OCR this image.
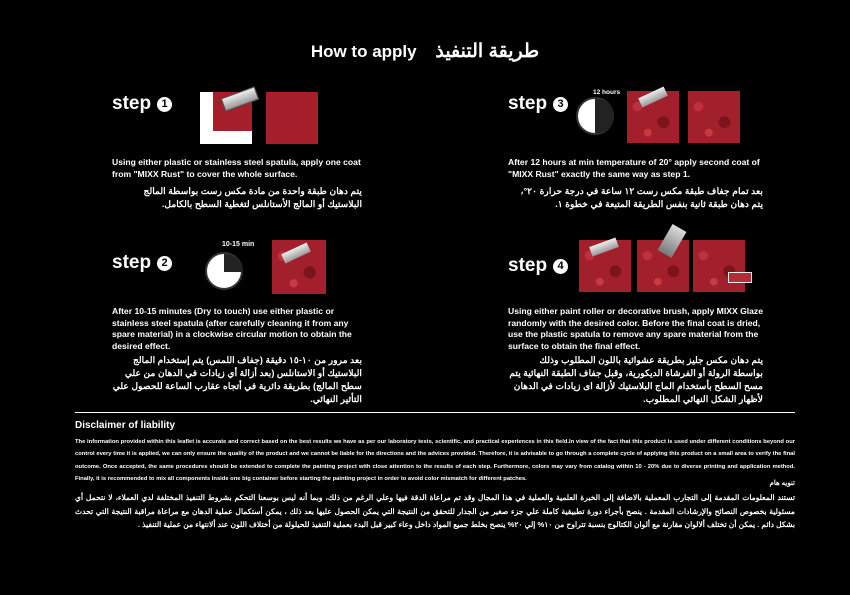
How to apply طريقة التنفيذ
step 1
Using either plastic or stainless steel spatula, apply one coat from "MIXX Rust" to cover the whole surface.
يتم دهان طبقة واحدة من مادة مكس رست بواسطة المالج البلاستيك أو المالج الأستانلس لتغطية السطح بالكامل.
step 2
10-15 min
After 10-15 minutes (Dry to touch) use either plastic or stainless steel spatula (after carefully cleaning it from any spare material) in a clockwise circular motion to obtain the desired effect.
بعد مرور من ١٠-١٥ دقيقة (جفاف اللمس) يتم إستخدام المالج البلاستيك أو الاستانلس (بعد أزالة أي زيادات في الدهان من علي سطح المالج) بطريقة دائرية في أتجاه عقارب الساعة للحصول علي التأثير النهائي.
step 3
12 hours
After 12 hours at min temperature of 20° apply second coat of "MIXX Rust" exactly the same way as step 1.
بعد تمام جفاف طبقة مكس رست ١٢ ساعة في درجة حرارة ٢٠°، يتم دهان طبقة ثانية بنفس الطريقة المتبعة في خطوة ١.
step 4
Using either paint roller or decorative brush, apply MIXX Glaze randomly with the desired color. Before the final coat is dried, use the plastic spatula to remove any spare material from the surface to obtain the final effect.
يتم دهان مكس جليز بطريقة عشوائية باللون المطلوب وذلك بواسطة الرولة أو الفرشاة الديكورية، وقبل جفاف الطبقة النهائية يتم مسح السطح بأستخدام الماج البلاستيك لأزالة اى زيادات في الدهان لأظهار الشكل النهائي المطلوب.
Disclaimer of liability
The information provided within this leaflet is accurate and correct based on the best results we have as per our laboratory tests, scientific, and practical experiences in this field.In view of the fact that this product is used under different conditions beyond our control every time it is applied, we can only ensure the quality of the product and we cannot be liable for the directions and the advices provided. Therefore, it is advisable to go through a complete cycle of applying this product on a small area to verify the final outcome. Once accepted, the same procedures should be extended to complete the painting project with close attention to the results of each step. Furthermore, colors may vary from catalog within 10 - 20% due to diverse printing and application method. Finally, it is recommended to mix all components inside one big container before starting the painting project in order to avoid color mismatch for different patches.
تنويه هام
تستند المعلومات المقدمة إلى التجارب المعملية بالاضافة إلى الخبرة العلمية والعملية في هذا المجال وقد تم مراعاة الدقة فيها وعلي الرغم من ذلك، وبما أنه ليس بوسعنا التحكم بشروط التنفيذ المختلفة لدي العملاء، لا نتحمل أي مسئولية بخصوص النصائح والإرشادات المقدمة . ينصح بأجراء دورة تطبيقية كاملة علي جزء صغير من الجدار للتحقق من النتيجة التي يمكن الحصول عليها بعد ذلك ، يمكن أستكمال عملية الدهان مع مراعاة مراقبة النتيجة التي تحدث بشكل دائم . يمكن أن تختلف ألالوان مقارنة مع ألوان الكتالوج بنسبة تتراوح من ١٠% إلي ٢٠% ينصح بخلط جميع المواد داخل وعاء كبير قبل البدء بعملية التنفيذ للحيلولة من أختلاف اللون عند ألانتهاء من عملية التنفيذ .
